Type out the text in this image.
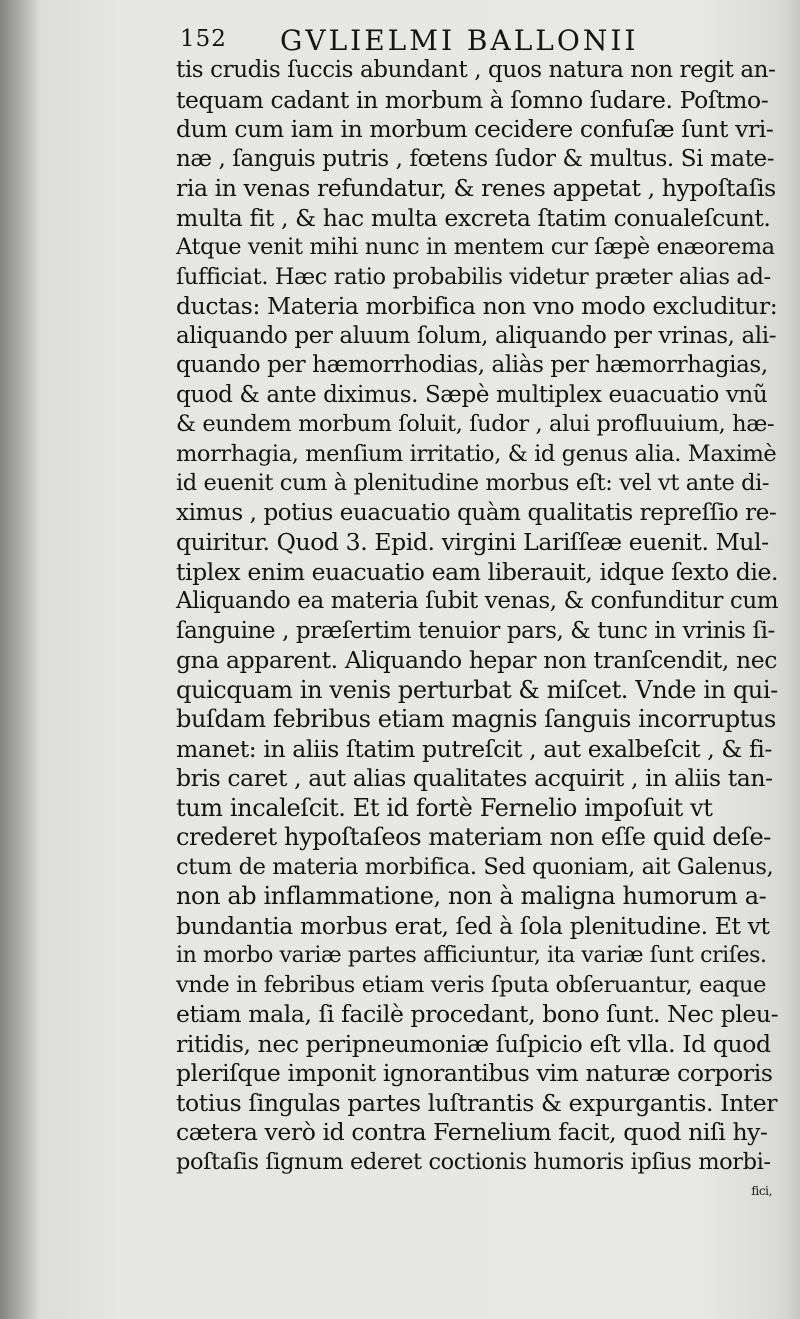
152 GVLIELMI BALLONII
tis crudis ſuccis abundant , quos natura non regit an-
tequam cadant in morbum à ſomno ſudare. Poſtmo-
dum cum iam in morbum cecidere confuſæ ſunt vri-
næ , ſanguis putris , fœtens ſudor & multus. Si mate-
ria in venas refundatur, & renes appetat , hypoſtaſis
multa fit , & hac multa excreta ſtatim conualeſcunt.
Atque venit mihi nunc in mentem cur ſæpè enæorema
ſufficiat. Hæc ratio probabilis videtur præter alias ad-
ductas: Materia morbifica non vno modo excluditur:
aliquando per aluum ſolum, aliquando per vrinas, ali-
quando per hæmorrhodias, aliàs per hæmorrhagias,
quod & ante diximus. Sæpè multiplex euacuatio vnũ
& eundem morbum ſoluit, ſudor , alui profluuium, hæ-
morrhagia, menſium irritatio, & id genus alia. Maximè
id euenit cum à plenitudine morbus eſt: vel vt ante di-
ximus , potius euacuatio quàm qualitatis repreſſio re-
quiritur. Quod 3. Epid. virgini Lariſſeæ euenit. Mul-
tiplex enim euacuatio eam liberauit, idque ſexto die.
Aliquando ea materia ſubit venas, & confunditur cum
ſanguine , præſertim tenuior pars, & tunc in vrinis ſi-
gna apparent. Aliquando hepar non tranſcendit, nec
quicquam in venis perturbat & miſcet. Vnde in qui-
buſdam febribus etiam magnis ſanguis incorruptus
manet: in aliis ſtatim putreſcit , aut exalbeſcit , & fi-
bris caret , aut alias qualitates acquirit , in aliis tan-
tum incaleſcit. Et id fortè Fernelio impoſuit vt
crederet hypoſtaſeos materiam non eſſe quid deſe-
ctum de materia morbifica. Sed quoniam, ait Galenus,
non ab inflammatione, non à maligna humorum a-
bundantia morbus erat, ſed à ſola plenitudine. Et vt
in morbo variæ partes afficiuntur, ita variæ ſunt criſes.
vnde in febribus etiam veris ſputa obſeruantur, eaque
etiam mala, ſi facilè procedant, bono ſunt. Nec pleu-
ritidis, nec peripneumoniæ ſuſpicio eſt vlla. Id quod
pleriſque imponit ignorantibus vim naturæ corporis
totius ſingulas partes luſtrantis & expurgantis. Inter
cætera verò id contra Fernelium facit, quod niſi hy-
poſtaſis ſignum ederet coctionis humoris ipſius morbi-
fici,
